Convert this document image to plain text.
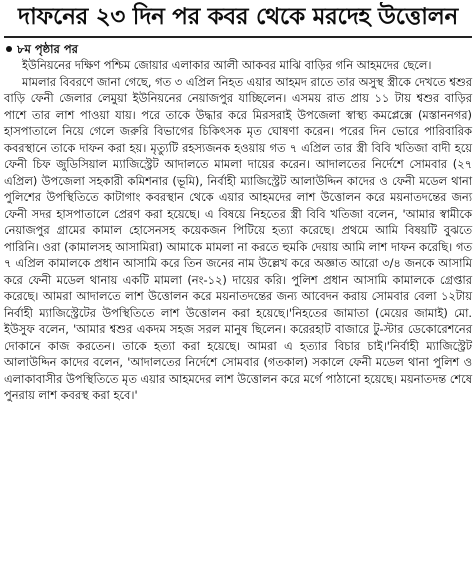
দাফনের ২৩ দিন পর কবর থেকে মরদেহ উত্তোলন
৮ম পৃষ্ঠার পর

ইউনিয়নের দক্ষিণ পশ্চিম জোয়ার এলাকার আলী আকবর মাঝি বাড়ির গনি আহমদের ছেলে।

মামলার বিবরণে জানা গেছে, গত ৩ এপ্রিল নিহত এয়ার আহমদ রাতে তার অসুস্থ স্ত্রীকে দেখতে শ্বশুর বাড়ি ফেনী জেলার লেমুয়া ইউনিয়নের নেয়াজপুর যাচ্ছিলেন। এসময় রাত প্রায় ১১ টায় শ্বশুর বাড়ির পাশে তার লাশ পাওয়া যায়। পরে তাকে উদ্ধার করে মিরসরাই উপজেলা স্বাস্থ্য কমপ্লেক্সে (মস্তাননগর) হাসপাতালে নিয়ে গেলে জরুরি বিভাগের চিকিৎসক মৃত ঘোষণা করেন। পরের দিন ভোরে পারিবারিক কবরস্থানে তাকে দাফন করা হয়। মৃত্যুটি রহস্যজনক হওয়ায় গত ৭ এপ্রিল তার স্ত্রী বিবি খতিজা বাদী হয়ে ফেনী চিফ জুডিসিয়াল ম্যাজিস্ট্রেট আদালতে মামলা দায়ের করেন। আদালতের নির্দেশে সোমবার (২৭ এপ্রিল) উপজেলা সহকারী কমিশনার (ভূমি), নির্বাহী ম্যাজিস্ট্রেট আলাউদ্দিন কাদের ও ফেনী মডেল থানা পুলিশের উপস্থিতিতে কাটাগাং কবরস্থান থেকে এয়ার আহমদের লাশ উত্তোলন করে ময়নাতদন্তের জন্য ফেনী সদর হাসপাতালে প্রেরণ করা হয়েছে। এ বিষয়ে নিহতের স্ত্রী বিবি খতিজা বলেন, 'আমার স্বামীকে নেয়াজপুর গ্রামের কামাল হোসেনসহ কয়েকজন পিটিয়ে হত্যা করেছে। প্রথমে আমি বিষয়টি বুঝতে পারিনি। ওরা (কামালসহ আসামিরা) আমাকে মামলা না করতে হুমকি দেয়ায় আমি লাশ দাফন করেছি। গত ৭ এপ্রিল কামালকে প্রধান আসামি করে তিন জনের নাম উল্লেখ করে অজ্ঞাত আরো ৩/৪ জনকে আসামি করে ফেনী মডেল থানায় একটি মামলা (নং-১২) দায়ের করি। পুলিশ প্রধান আসামি কামালকে গ্রেপ্তার করেছে। আমরা আদালতে লাশ উত্তোলন করে ময়নাতদন্তের জন্য আবেদন করায় সোমবার বেলা ১২টায় নির্বাহী ম্যাজিস্ট্রেটের উপস্থিতিতে লাশ উত্তোলন করা হয়েছে।'নিহতের জামাতা (মেয়ের জামাই) মো. ইউসুফ বলেন, 'আমার শ্বশুর একদম সহজ সরল মানুষ ছিলেন। করেরহাট বাজারে টু-স্টার ডেকোরেশনের দোকানে কাজ করতেন। তাকে হত্যা করা হয়েছে। আমরা এ হত্যার বিচার চাই।'নির্বাহী ম্যাজিস্ট্রেট আলাউদ্দিন কাদের বলেন, 'আদালতের নির্দেশে সোমবার (গতকাল) সকালে ফেনী মডেল থানা পুলিশ ও এলাকাবাসীর উপস্থিতিতে মৃত এয়ার আহমদের লাশ উত্তোলন করে মর্গে পাঠানো হয়েছে। ময়নাতদন্ত শেষে পুনরায় লাশ কবরস্থ করা হবে।'
